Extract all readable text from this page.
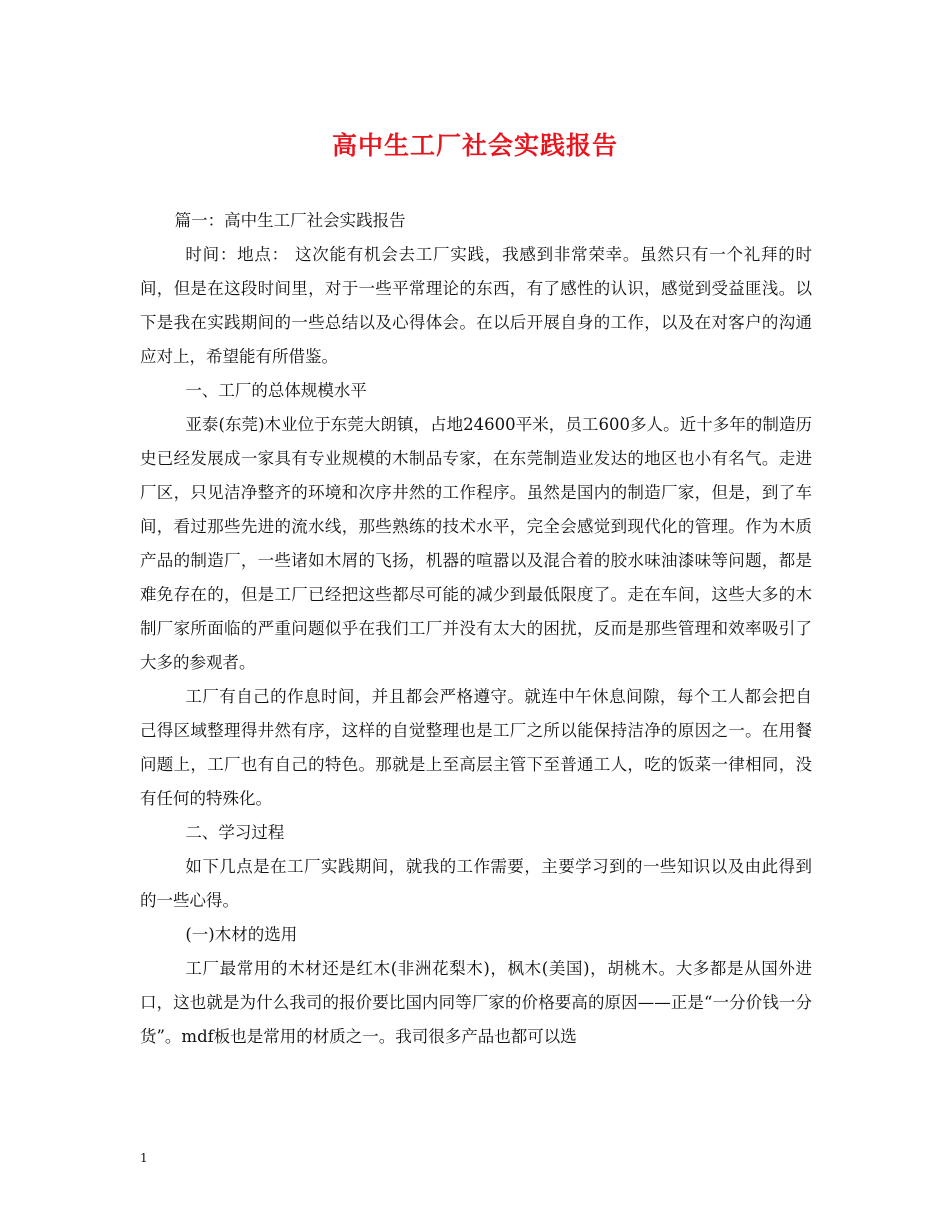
高中生工厂社会实践报告

篇一：高中生工厂社会实践报告

时间：地点： 这次能有机会去工厂实践，我感到非常荣幸。虽然只有一个礼拜的时间，但是在这段时间里，对于一些平常理论的东西，有了感性的认识，感觉到受益匪浅。以下是我在实践期间的一些总结以及心得体会。在以后开展自身的工作，以及在对客户的沟通应对上，希望能有所借鉴。

一、工厂的总体规模水平

亚泰(东莞)木业位于东莞大朗镇，占地24600平米，员工600多人。近十多年的制造历史已经发展成一家具有专业规模的木制品专家，在东莞制造业发达的地区也小有名气。走进厂区，只见洁净整齐的环境和次序井然的工作程序。虽然是国内的制造厂家，但是，到了车间，看过那些先进的流水线，那些熟练的技术水平，完全会感觉到现代化的管理。作为木质产品的制造厂，一些诸如木屑的飞扬，机器的喧嚣以及混合着的胶水味油漆味等问题，都是难免存在的，但是工厂已经把这些都尽可能的减少到最低限度了。走在车间，这些大多的木制厂家所面临的严重问题似乎在我们工厂并没有太大的困扰，反而是那些管理和效率吸引了大多的参观者。

工厂有自己的作息时间，并且都会严格遵守。就连中午休息间隙，每个工人都会把自己得区域整理得井然有序，这样的自觉整理也是工厂之所以能保持洁净的原因之一。在用餐问题上，工厂也有自己的特色。那就是上至高层主管下至普通工人，吃的饭菜一律相同，没有任何的特殊化。

二、学习过程

如下几点是在工厂实践期间，就我的工作需要，主要学习到的一些知识以及由此得到的一些心得。

(一)木材的选用

工厂最常用的木材还是红木(非洲花梨木)，枫木(美国)，胡桃木。大多都是从国外进口，这也就是为什么我司的报价要比国内同等厂家的价格要高的原因——正是“一分价钱一分货”。mdf板也是常用的材质之一。我司很多产品也都可以选

1
